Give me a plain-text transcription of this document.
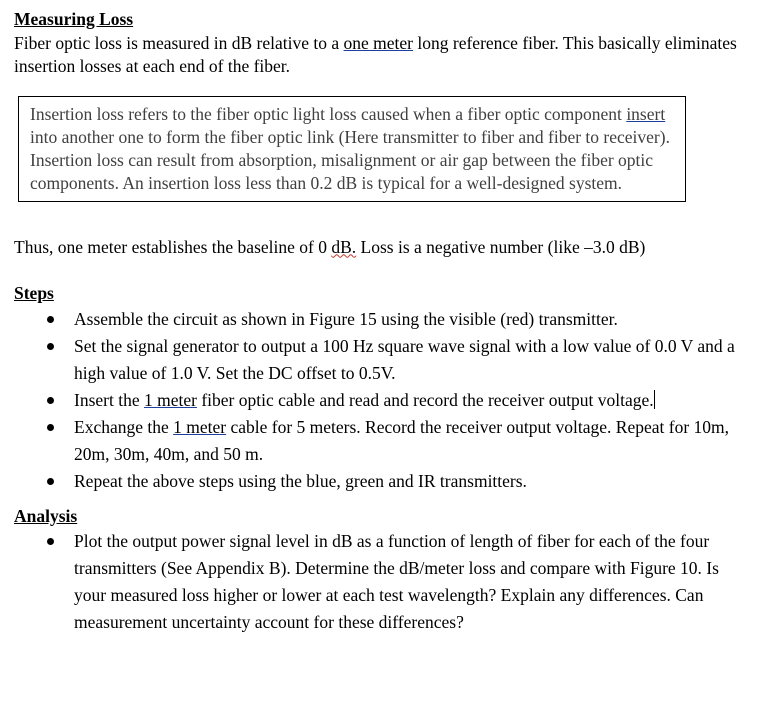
Measuring Loss

Fiber optic loss is measured in dB relative to a one meter long reference fiber. This basically eliminates insertion losses at each end of the fiber.

Insertion loss refers to the fiber optic light loss caused when a fiber optic component insert into another one to form the fiber optic link (Here transmitter to fiber and fiber to receiver). Insertion loss can result from absorption, misalignment or air gap between the fiber optic components. An insertion loss less than 0.2 dB is typical for a well-designed system.

Thus, one meter establishes the baseline of 0 dB. Loss is a negative number (like –3.0 dB)

Steps

Assemble the circuit as shown in Figure 15 using the visible (red) transmitter.
Set the signal generator to output a 100 Hz square wave signal with a low value of 0.0 V and a high value of 1.0 V. Set the DC offset to 0.5V.
Insert the 1 meter fiber optic cable and read and record the receiver output voltage.
Exchange the 1 meter cable for 5 meters. Record the receiver output voltage. Repeat for 10m, 20m, 30m, 40m, and 50 m.
Repeat the above steps using the blue, green and IR transmitters.

Analysis

Plot the output power signal level in dB as a function of length of fiber for each of the four transmitters (See Appendix B). Determine the dB/meter loss and compare with Figure 10. Is your measured loss higher or lower at each test wavelength? Explain any differences. Can measurement uncertainty account for these differences?
